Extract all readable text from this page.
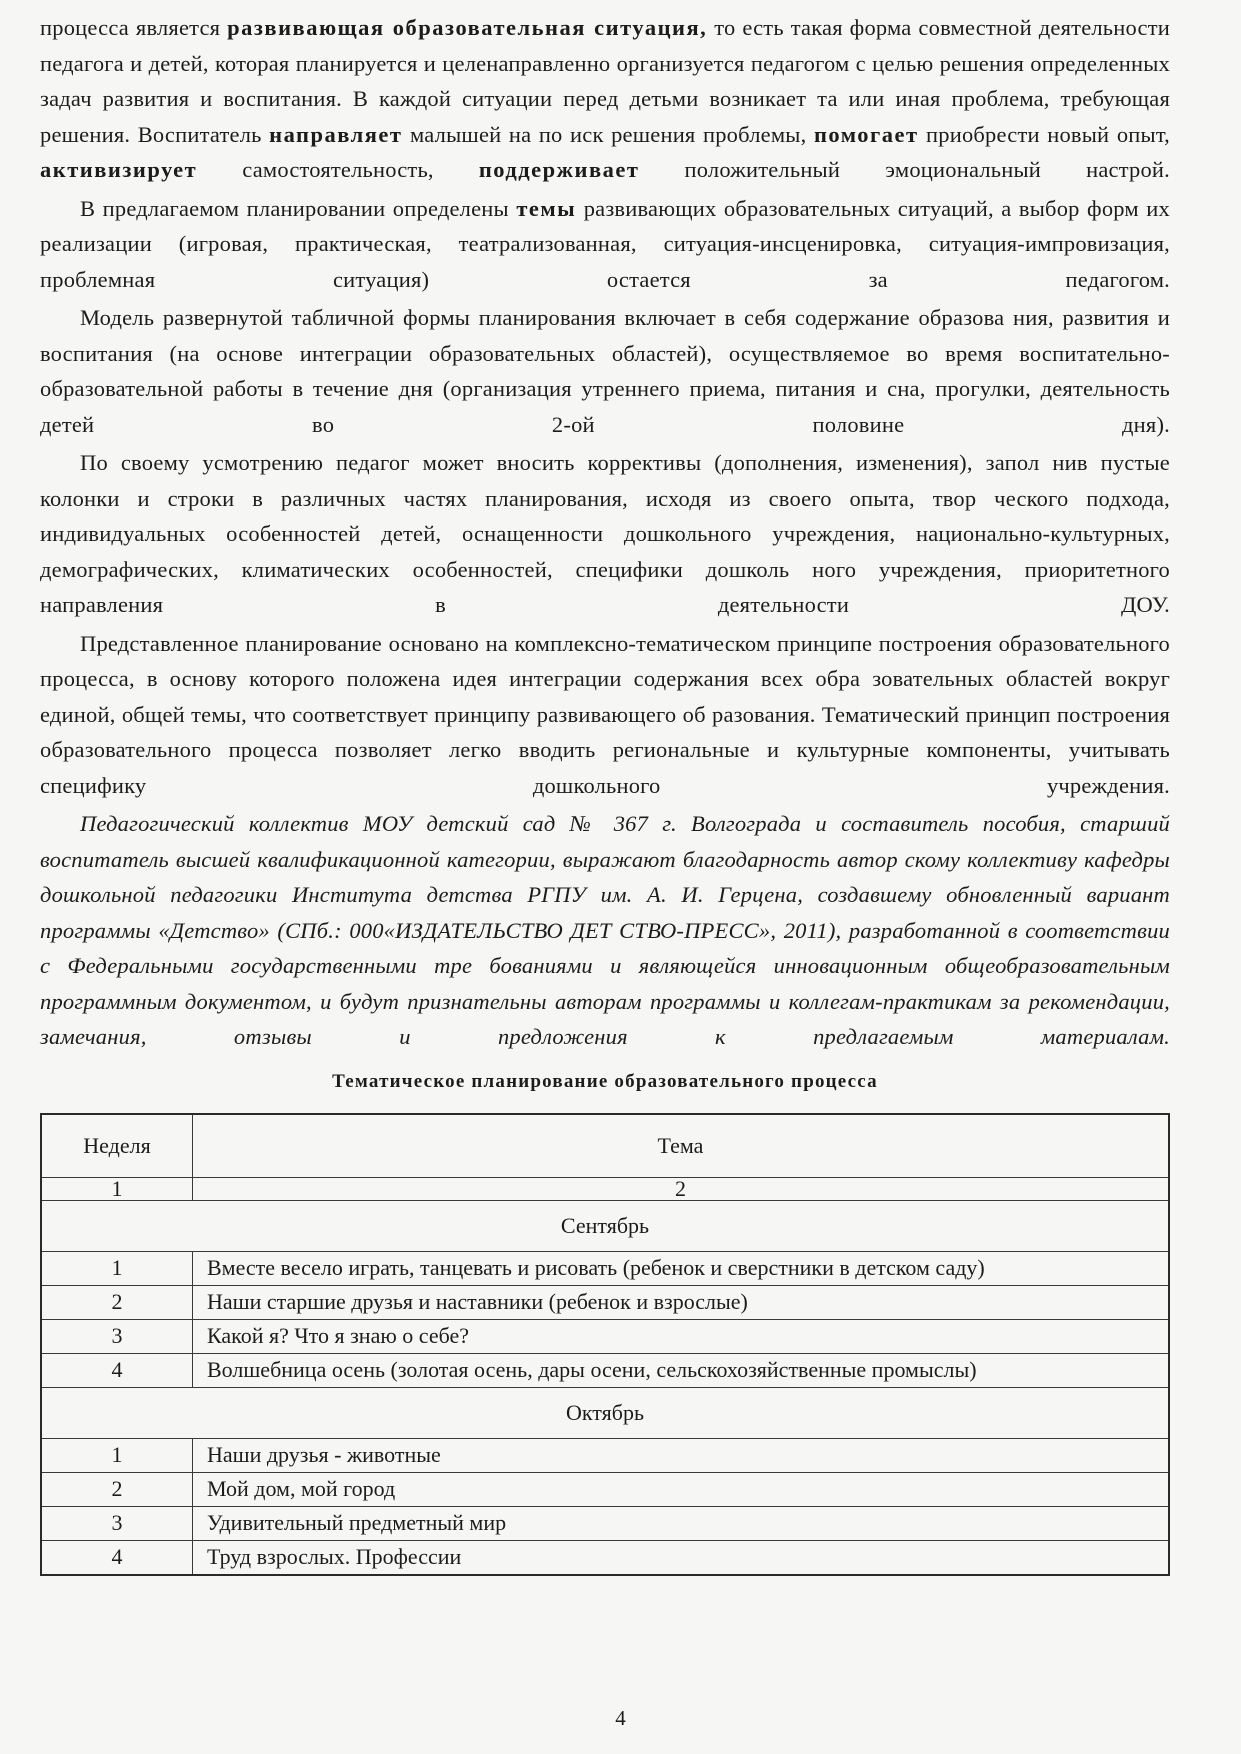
процесса является развивающая образовательная ситуация, то есть такая форма совместной деятельности педагога и детей, которая планируется и целенаправленно организуется педагогом с целью решения определенных задач развития и воспитания. В каждой ситуации перед детьми возникает та или иная проблема, требующая решения. Воспитатель направляет малышей на по иск решения проблемы, помогает приобрести новый опыт, активизирует самостоятельность, поддерживает положительный эмоциональный настрой.

В предлагаемом планировании определены темы развивающих образовательных ситуаций, а выбор форм их реализации (игровая, практическая, театрализованная, ситуация-инсценировка, ситуация-импровизация, проблемная ситуация) остается за педагогом.

Модель развернутой табличной формы планирования включает в себя содержание образова ния, развития и воспитания (на основе интеграции образовательных областей), осуществляемое во время воспитательно-образовательной работы в течение дня (организация утреннего приема, питания и сна, прогулки, деятельность детей во 2-ой половине дня).

По своему усмотрению педагог может вносить коррективы (дополнения, изменения), запол нив пустые колонки и строки в различных частях планирования, исходя из своего опыта, твор ческого подхода, индивидуальных особенностей детей, оснащенности дошкольного учреждения, национально-культурных, демографических, климатических особенностей, специфики дошколь ного учреждения, приоритетного направления в деятельности ДОУ.

Представленное планирование основано на комплексно-тематическом принципе построения образовательного процесса, в основу которого положена идея интеграции содержания всех обра зовательных областей вокруг единой, общей темы, что соответствует принципу развивающего об разования. Тематический принцип построения образовательного процесса позволяет легко вводить региональные и культурные компоненты, учитывать специфику дошкольного учреждения.

Педагогический коллектив МОУ детский сад № 367 г. Волгограда и составитель пособия, старший воспитатель высшей квалификационной категории, выражают благодарность автор скому коллективу кафедры дошкольной педагогики Института детства РГПУ им. А. И. Герцена, создавшему обновленный вариант программы «Детство» (СПб.: 000«ИЗДАТЕЛЬСТВО ДЕТ СТВО-ПРЕСС», 2011), разработанной в соответствии с Федеральными государственными тре бованиями и являющейся инновационным общеобразовательным программным документом, и будут признательны авторам программы и коллегам-практикам за рекомендации, замечания, отзывы и предложения к предлагаемым материалам.

Тематическое планирование образовательного процесса
Неделя	Тема
1	2
Сентябрь	
1	Вместе весело играть, танцевать и рисовать (ребенок и сверстники в детском саду)
2	Наши старшие друзья и наставники (ребенок и взрослые)
3	Какой я? Что я знаю о себе?
4	Волшебница осень (золотая осень, дары осени, сельскохозяйственные промыслы)
Октябрь	
1	Наши друзья - животные
2	Мой дом, мой город
3	Удивительный предметный мир
4	Труд взрослых. Профессии
4
